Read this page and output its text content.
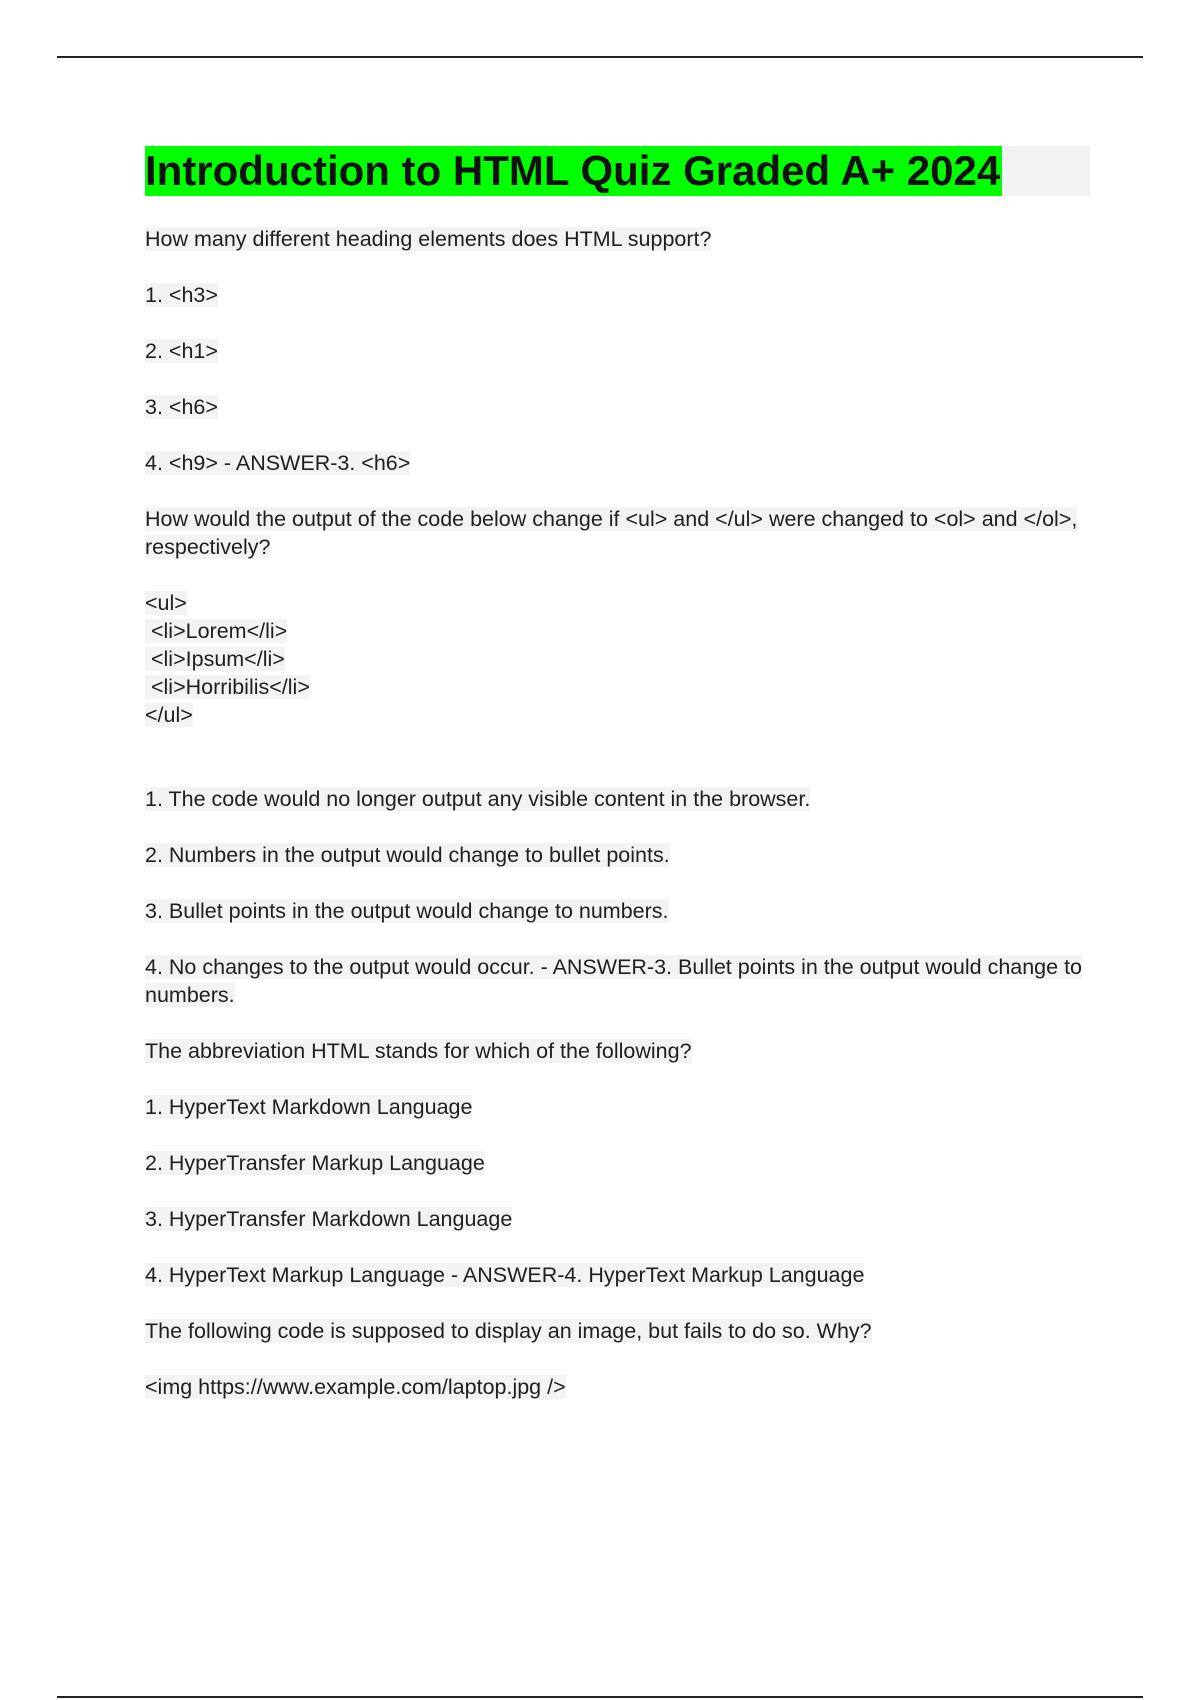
Introduction to HTML Quiz Graded A+ 2024

How many different heading elements does HTML support?

1. <h3>

2. <h1>

3. <h6>

4. <h9> - ANSWER-3. <h6>

How would the output of the code below change if <ul> and </ul> were changed to <ol> and </ol>, respectively?

<ul>
<li>Lorem</li>
<li>Ipsum</li>
<li>Horribilis</li>
</ul>

1. The code would no longer output any visible content in the browser.

2. Numbers in the output would change to bullet points.

3. Bullet points in the output would change to numbers.

4. No changes to the output would occur. - ANSWER-3. Bullet points in the output would change to numbers.

The abbreviation HTML stands for which of the following?

1. HyperText Markdown Language

2. HyperTransfer Markup Language

3. HyperTransfer Markdown Language

4. HyperText Markup Language - ANSWER-4. HyperText Markup Language

The following code is supposed to display an image, but fails to do so. Why?

<img https://www.example.com/laptop.jpg />
